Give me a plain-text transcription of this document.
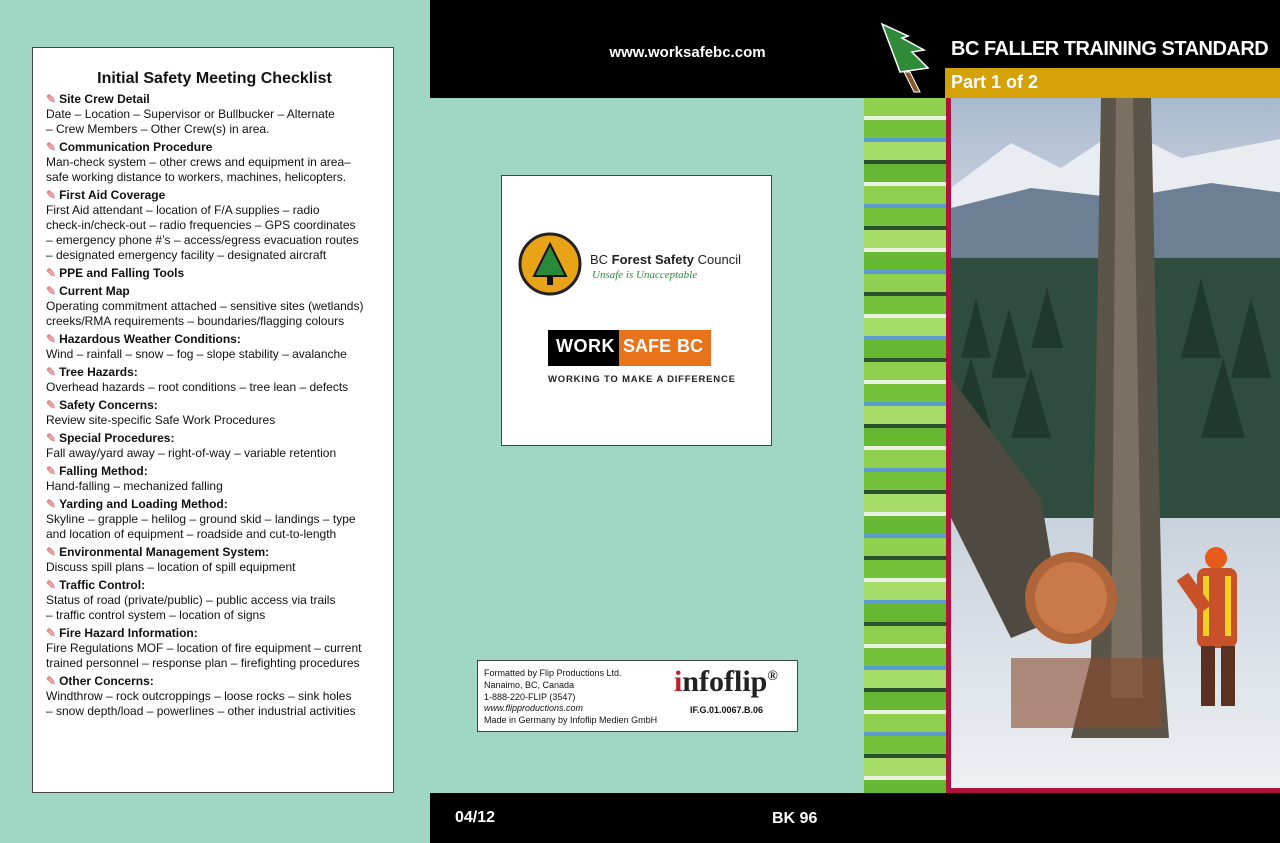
Initial Safety Meeting Checklist
✎ Site Crew Detail
Date – Location – Supervisor or Bullbucker – Alternate
– Crew Members – Other Crew(s) in area.
✎ Communication Procedure
Man-check system – other crews and equipment in area–
safe working distance to workers, machines, helicopters.
✎ First Aid Coverage
First Aid attendant – location of F/A supplies – radio
check-in/check-out – radio frequencies – GPS coordinates
– emergency phone #’s – access/egress evacuation routes
– designated emergency facility – designated aircraft
✎ PPE and Falling Tools
✎ Current Map
Operating commitment attached – sensitive sites (wetlands)
creeks/RMA requirements – boundaries/flagging colours
✎ Hazardous Weather Conditions:
Wind – rainfall – snow – fog – slope stability – avalanche
✎ Tree Hazards:
Overhead hazards – root conditions – tree lean – defects
✎ Safety Concerns:
Review site-specific Safe Work Procedures
✎ Special Procedures:
Fall away/yard away – right-of-way – variable retention
✎ Falling Method:
Hand-falling – mechanized falling
✎ Yarding and Loading Method:
Skyline – grapple – helilog – ground skid – landings – type
and location of equipment – roadside and cut-to-length
✎ Environmental Management System:
Discuss spill plans – location of spill equipment
✎ Traffic Control:
Status of road (private/public) – public access via trails
– traffic control system – location of signs
✎ Fire Hazard Information:
Fire Regulations MOF – location of fire equipment – current
trained personnel – response plan – firefighting procedures
✎ Other Concerns:
Windthrow – rock outcroppings – loose rocks – sink holes
– snow depth/load – powerlines – other industrial activities
www.worksafebc.com	BC FALLER TRAINING STANDARD
Part 1 of 2
BC Forest Safety Council
Unsafe is Unacceptable
WORK SAFE BC
WORKING TO MAKE A DIFFERENCE
Formatted by Flip Productions Ltd.
Nanaimo, BC, Canada
1-888-220-FLIP (3547)
www.flipproductions.com
Made in Germany by Infoflip Medien GmbH
infoflip®
IF.G.01.0067.B.06
04/12	BK 96
